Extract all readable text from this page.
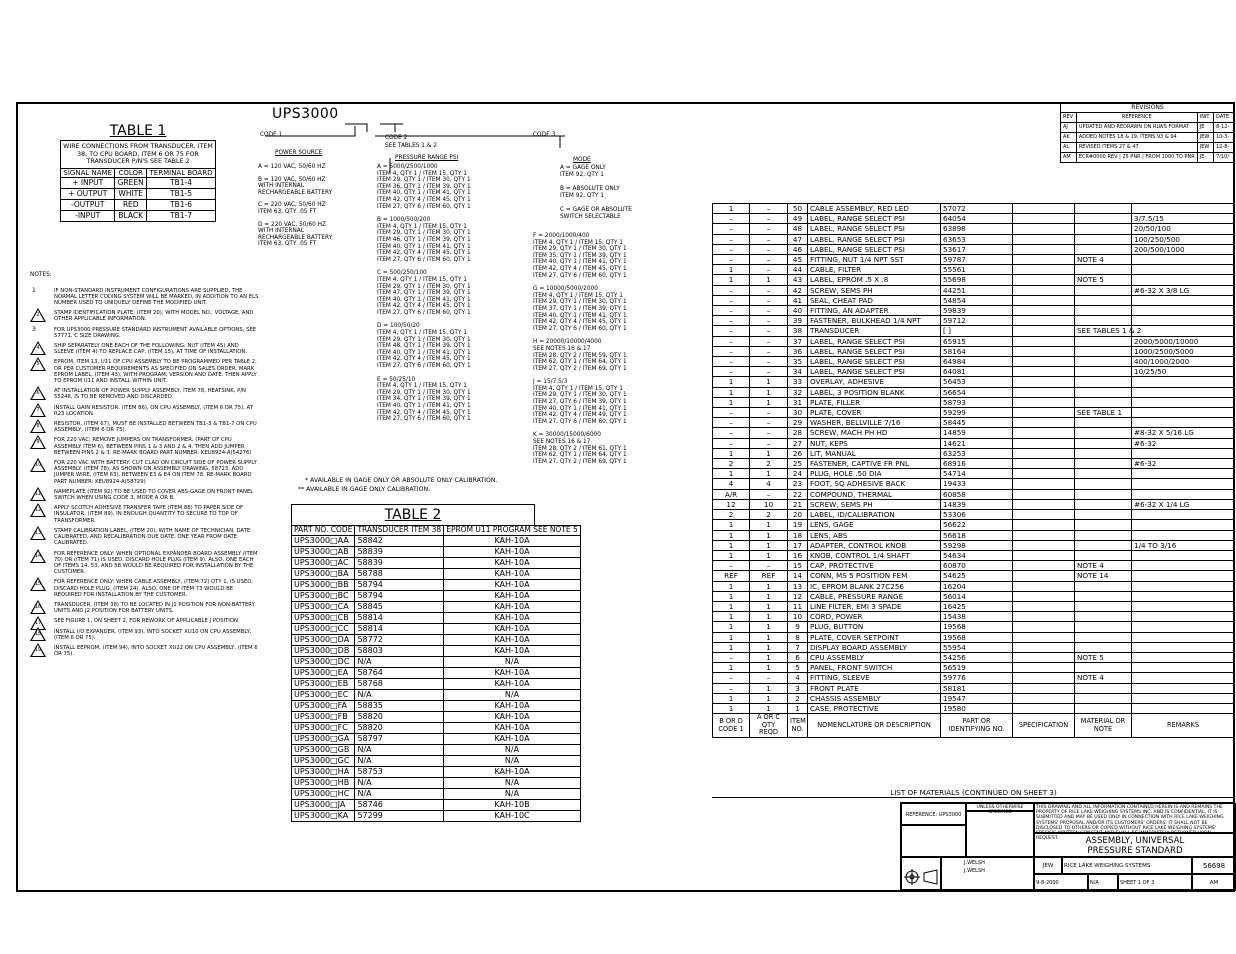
TABLE 1
WIRE CONNECTIONS FROM TRANSDUCER, ITEM 38, TO CPU BOARD, ITEM 6 OR 75 FOR TRANSDUCER P/N'S SEE TABLE 2
SIGNAL NAME	COLOR	TERMINAL BOARD
+ INPUT	GREEN	TB1-4
+ OUTPUT	WHITE	TB1-5
-OUTPUT	RED	TB1-6
-INPUT	BLACK	TB1-7
NOTES:
1	IF NON-STANDARD INSTRUMENT CONFIGURATIONS ARE SUPPLIED, THE NORMAL LETTER CODING SYSTEM WILL BE MARKED, IN ADDITION TO AN ELS NUMBER USED TO UNIQUELY DEFINE THE MODIFIED UNIT.
2	STAMP IDENTIFICATION PLATE, (ITEM 20), WITH MODEL NO., VOLTAGE, AND OTHER APPLICABLE INFORMATION.
3	FOR UPS3000 PRESSURE STANDARD INSTRUMENT AVAILABLE OPTIONS, SEE 57771, C SIZE DRAWING.
4	SHIP SEPARATELY ONE EACH OF THE FOLLOWING: NUT (ITEM 45) AND SLEEVE (ITEM 4) TO REPLACE CAP, (ITEM 15), AT TIME OF INSTALLATION.
5	EPROM, ITEM 13, U11 OF CPU ASSEMBLY TO BE PROGRAMMED PER TABLE 2, OR PER CUSTOMER REQUIREMENTS AS SPECIFIED ON SALES ORDER. MARK EPROM LABEL, (ITEM 43), WITH PROGRAM, VERSION AND DATE. THEN APPLY TO EPROM U11 AND INSTALL WITHIN UNIT.
6	AT INSTALLATION OF POWER SUPPLY ASSEMBLY, ITEM 78, HEATSINK, P/N 55246, IS TO BE REMOVED AND DISCARDED.
7	INSTALL GAIN RESISTOR, (ITEM 86), ON CPU ASSEMBLY, (ITEM 6 OR 75), AT R23 LOCATION.
8	RESISTOR, (ITEM 67), MUST BE INSTALLED BETWEEN TB1-3 & TB1-7 ON CPU ASSEMBLY, (ITEM 6 OR 75).
9	FOR 220 VAC: REMOVE JUMPERS ON TRANSFORMER, (PART OF CPU ASSEMBLY ITEM 6), BETWEEN PINS 1 & 3 AND 2 & 4. THEN ADD JUMPER BETWEEN PINS 2 & 3. RE-MARK BOARD PART NUMBER: KEU8924-A(54276)
10 FOR 220 VAC WITH BATTERY: CUT CLAD ON CIRCUIT SIDE OF POWER SUPPLY ASSEMBLY. (ITEM 78), AS SHOWN ON ASSEMBLY DRAWING, 58723. ADD JUMPER WIRE, (ITEM 63), BETWEEN E3 & E4 ON ITEM 78. RE-MARK BOARD PART NUMBER: KEU8924-A(58729)
11 NAMEPLATE (ITEM 92) TO BE USED TO COVER ABS-GAGE ON FRONT PANEL SWITCH WHEN USING CODE 3, MODE A OR B.
12 APPLY SCOTCH ADHESIVE TRANSFER TAPE (ITEM 88) TO PAPER SIDE OF INSULATOR, (ITEM 89), IN ENOUGH QUANTITY TO SECURE TO TOP OF TRANSFORMER.
13 STAMP CALIBRATION LABEL, (ITEM 20), WITH NAME OF TECHNICIAN, DATE CALIBRATED, AND RECALIBRATION DUE DATE, ONE YEAR FROM DATE CALIBRATED.
14 FOR REFERENCE ONLY: WHEN OPTIONAL EXPANDER BOARD ASSEMBLY (ITEM 70) OR (ITEM 71) IS USED, DISCARD HOLE PLUG (ITEM 9). ALSO, ONE EACH OF ITEMS 14, 53, AND 58 WOULD BE REQUIRED FOR INSTALLATION BY THE CUSTOMER.
15 FOR REFERENCE ONLY: WHEN CABLE ASSEMBLY, (ITEM 72) QTY 1, IS USED, DISCARD HOLE PLUG, (ITEM 24). ALSO, ONE OF ITEM 73 WOULD BE REQUIRED FOR INSTALLATION BY THE CUSTOMER.
16 TRANSDUCER, (ITEM 38) TO BE LOCATED IN J1 POSITION FOR NON-BATTERY UNITS AND J2 POSITION FOR BATTERY UNITS.
17 SEE FIGURE 1, ON SHEET 2, FOR REWORK OF APPLICABLE J POSITION.
18 INSTALL I/O EXPANDER, (ITEM 93), INTO SOCKET XU10 ON CPU ASSEMBLY, (ITEM 6 OR 75).
19 INSTALL EEPROM, (ITEM 94), INTO SOCKET XU22 ON CPU ASSEMBLY, (ITEM 6 OR 75).
UPS3000
CODE 1
POWER SOURCE
A = 120 VAC, 50/60 HZ
B = 120 VAC, 50/60 HZ
WITH INTERNAL
RECHARGEABLE BATTERY
C = 220 VAC, 50/60 HZ
ITEM 63, QTY .05 FT
D = 220 VAC, 50/60 HZ
WITH INTERNAL
RECHARGEABLE BATTERY
ITEM 63, QTY .05 FT
CODE 2
SEE TABLES 1 & 2
PRESSURE RANGE PSI
A = 5000/2500/1000
ITEM 4, QTY 1 / ITEM 15, QTY 1
ITEM 29, QTY 1 / ITEM 30, QTY 1
ITEM 36, QTY 1 / ITEM 39, QTY 1
ITEM 40, QTY 1 / ITEM 41, QTY 1
ITEM 42, QTY 4 / ITEM 45, QTY 1
ITEM 27, QTY 6 / ITEM 60, QTY 1
B = 1000/500/200
ITEM 4, QTY 1 / ITEM 15, QTY 1
ITEM 29, QTY 1 / ITEM 30, QTY 1
ITEM 46, QTY 1 / ITEM 39, QTY 1
ITEM 40, QTY 1 / ITEM 41, QTY 1
ITEM 42, QTY 4 / ITEM 45, QTY 1
ITEM 27, QTY 6 / ITEM 60, QTY 1
C = 500/250/100
ITEM 4, QTY 1 / ITEM 15, QTY 1
ITEM 29, QTY 1 / ITEM 30, QTY 1
ITEM 47, QTY 1 / ITEM 39, QTY 1
ITEM 40, QTY 1 / ITEM 41, QTY 1
ITEM 42, QTY 4 / ITEM 45, QTY 1
ITEM 27, QTY 6 / ITEM 60, QTY 1
D = 100/50/20
ITEM 4, QTY 1 / ITEM 15, QTY 1
ITEM 29, QTY 1 / ITEM 30, QTY 1
ITEM 48, QTY 1 / ITEM 39, QTY 1
ITEM 40, QTY 1 / ITEM 41, QTY 1
ITEM 42, QTY 4 / ITEM 45, QTY 1
ITEM 27, QTY 6 / ITEM 60, QTY 1
E = 50/25/10
ITEM 4, QTY 1 / ITEM 15, QTY 1
ITEM 29, QTY 1 / ITEM 30, QTY 1
ITEM 34, QTY 1 / ITEM 39, QTY 1
ITEM 40, QTY 1 / ITEM 41, QTY 1
ITEM 42, QTY 4 / ITEM 45, QTY 1
ITEM 27, QTY 6 / ITEM 60, QTY 1
F = 2000/1000/400
ITEM 4, QTY 1 / ITEM 15, QTY 1
ITEM 29, QTY 1 / ITEM 30, QTY 1
ITEM 35, QTY 1 / ITEM 39, QTY 1
ITEM 40, QTY 1 / ITEM 41, QTY 1
ITEM 42, QTY 4 / ITEM 45, QTY 1
ITEM 27, QTY 6 / ITEM 60, QTY 1
G = 10000/5000/2000
ITEM 4, QTY 1 / ITEM 15, QTY 1
ITEM 29, QTY 1 / ITEM 30, QTY 1
ITEM 37, QTY 1 / ITEM 39, QTY 1
ITEM 40, QTY 1 / ITEM 41, QTY 1
ITEM 42, QTY 4 / ITEM 45, QTY 1
ITEM 27, QTY 6 / ITEM 60, QTY 1
H = 20000/10000/4000
SEE NOTES 16 & 17
ITEM 28, QTY 2 / ITEM 59, QTY 1
ITEM 62, QTY 1 / ITEM 64, QTY 1
ITEM 27, QTY 2 / ITEM 69, QTY 1
J = 15/7.5/3
ITEM 4, QTY 1 / ITEM 15, QTY 1
ITEM 29, QTY 1 / ITEM 30, QTY 1
ITEM 27, QTY 6 / ITEM 39, QTY 1
ITEM 40, QTY 1 / ITEM 41, QTY 1
ITEM 42, QTY 4 / ITEM 49, QTY 1
ITEM 27, QTY 6 / ITEM 60, QTY 1
K = 30000/15000/6000
SEE NOTES 16 & 17
ITEM 28, QTY 2 / ITEM 61, QTY 1
ITEM 62, QTY 1 / ITEM 64, QTY 1
ITEM 27, QTY 2 / ITEM 69, QTY 1
CODE 3
MODE
A = GAGE ONLY
ITEM 92, QTY 1
B = ABSOLUTE ONLY
ITEM 92, QTY 1
C = GAGE OR ABSOLUTE
SWITCH SELECTABLE
* AVAILABLE IN GAGE ONLY OR ABSOLUTE ONLY CALIBRATION.
** AVAILABLE IN GAGE ONLY CALIBRATION.
TABLE 2
PART NO. CODE	TRANSDUCER ITEM 38	EPROM U11 PROGRAM SEE NOTE 5
UPS3000□AA	58842	KAH-10A
UPS3000□AB	58839	KAH-10A
UPS3000□AC	58839	KAH-10A
UPS3000□BA	58788	KAH-10A
UPS3000□BB	58794	KAH-10A
UPS3000□BC	58794	KAH-10A
UPS3000□CA	58845	KAH-10A
UPS3000□CB	58814	KAH-10A
UPS3000□CC	58814	KAH-10A
UPS3000□DA	58772	KAH-10A
UPS3000□DB	58803	KAH-10A
UPS3000□DC	N/A	N/A
UPS3000□EA	58764	KAH-10A
UPS3000□EB	58768	KAH-10A
UPS3000□EC	N/A	N/A
UPS3000□FA	58835	KAH-10A
UPS3000□FB	58820	KAH-10A
UPS3000□FC	58820	KAH-10A
UPS3000□GA	58797	KAH-10A
UPS3000□GB	N/A	N/A
UPS3000□GC	N/A	N/A
UPS3000□HA	58753	KAH-10A
UPS3000□HB	N/A	N/A
UPS3000□HC	N/A	N/A
UPS3000□JA	58746	KAH-10B
UPS3000□KA	57299	KAH-10C
REVISIONS			
REV	REFERENCE	INIT	DATE
AJ	UPDATED AND REDRAWN ON RLWS FORMAT	JE	8-12-
AK	ADDED NOTES 18 & 19, ITEMS 93 & 94	JEW	10-3-
AL	REVISED ITEMS 27 & 47	JEW	12-8-
AM	ECR#0000 REV | 25 PNR | FROM 1000 TO PNR	JE	7/10/
1	–	50	CABLE ASSEMBLY, RED LED	57072			
–	–	49	LABEL, RANGE SELECT PSI	64054			3/7.5/15
–	–	48	LABEL, RANGE SELECT PSI	63898			20/50/100
–	–	47	LABEL, RANGE SELECT PSI	63653			100/250/500
–	–	46	LABEL, RANGE SELECT PSI	53617			200/500/1000
–	–	45	FITTING, NUT 1/4 NPT SST	59787		NOTE 4	
1	–	44	CABLE, FILTER	55561			
1	1	43	LABEL, EPROM .5 X .8	55698		NOTE 5	
–	–	42	SCREW, SEMS PH	44251			#6-32 X 3/8 LG
–	–	41	SEAL, CHEAT PAD	54854			
–	–	40	FITTING, AN ADAPTER	59839			
–	–	39	FASTENER, BULKHEAD 1/4 NPT	59712			
–	–	38	TRANSDUCER	[ ]		SEE TABLES 1 & 2	
–	–	37	LABEL, RANGE SELECT PSI	65915			2000/5000/10000
–	–	36	LABEL, RANGE SELECT PSI	58164			1000/2500/5000
–	–	35	LABEL, RANGE SELECT PSI	64984			400/1000/2000
–	–	34	LABEL, RANGE SELECT PSI	64081			10/25/50
1	1	33	OVERLAY, ADHESIVE	56453			
1	1	32	LABEL, 3 POSITION BLANK	56654			
1	1	31	PLATE, FILLER	58793			
–	–	30	PLATE, COVER	59299		SEE TABLE 1	
–	–	29	WASHER, BELLVILLE 7/16	58445			
–	–	28	SCREW, MACH PH HD	14859			#8-32 X 5/16 LG
–	–	27	NUT, KEPS	14621			#6-32
1	1	26	LIT, MANUAL	63253			
2	2	25	FASTENER, CAPTIVE FR PNL	68916			#6-32
1	1	24	PLUG, HOLE .50 DIA	54714			
4	4	23	FOOT, SQ ADHESIVE BACK	19433			
A/R	–	22	COMPOUND, THERMAL	60858			
12	10	21	SCREW, SEMS PH	14839			#6-32 X 1/4 LG
2	2	20	LABEL, ID/CALIBRATION	53306			
1	1	19	LENS, GAGE	56622			
1	1	18	LENS, ABS	56618			
1	1	17	ADAPTER, CONTROL KNOB	59298			1/4 TO 3/16
1	1	16	KNOB, CONTROL 1/4 SHAFT	54634			
–	–	15	CAP, PROTECTIVE	60870		NOTE 4	
REF	REF	14	CONN, MS 5 POSITION FEM	54625		NOTE 14	
1	1	13	IC, EPROM BLANK 27C256	16204			
1	1	12	CABLE, PRESSURE RANGE	56014			
1	1	11	LINE FILTER, EMI 3 SPADE	16425			
1	1	10	CORD, POWER	15438			
1	1	9	PLUG, BUTTON	19568			
1	1	8	PLATE, COVER SETPOINT	19568			
1	1	7	DISPLAY BOARD ASSEMBLY	55954			
–	1	6	CPU ASSEMBLY	54256		NOTE 5	
1	1	5	PANEL, FRONT SWITCH	56519			
–	–	4	FITTING, SLEEVE	59776		NOTE 4	
–	1	3	FRONT PLATE	58181			
1	1	2	CHASSIS ASSEMBLY	19547			
1	1	1	CASE, PROTECTIVE	19580			
B OR D CODE 1	A OR C QTY REQD	ITEM NO.	NOMENCLATURE OR DESCRIPTION	PART OR IDENTIFYING NO.	SPECIFICATION	MATERIAL OR NOTE	REMARKS
LIST OF MATERIALS (CONTINUED ON SHEET 3)
REFERENCE: UPS3000
UNLESS OTHERWISE SPECIFIED
THIS DRAWING AND ALL INFORMATION CONTAINED HEREIN IS AND REMAINS THE PROPERTY OF RICE LAKE WEIGHING SYSTEMS INC. AND IS CONFIDENTIAL. IT IS SUBMITTED AND MAY BE USED ONLY IN CONNECTION WITH RICE LAKE WEIGHING SYSTEMS' PROPOSAL AND/OR ITS CUSTOMERS' ORDERS. IT SHALL NOT BE DISCLOSED TO OTHERS OR COPIED WITHOUT RICE LAKE WEIGHING SYSTEMS' SPECIFIC WRITTEN CONSENT AND SHALL BE IMMEDIATELY RETURNED UPON REQUEST.	ASSEMBLY, UNIVERSAL
PRESSURE STANDARD
J.WELSH
J.WELSH
JEW	RICE LAKE WEIGHING SYSTEMS	56698
9-8-2000	N/A	SHEET 1 OF 3	AM
